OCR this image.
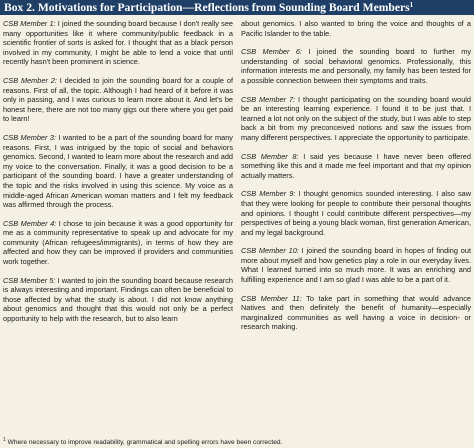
Box 2. Motivations for Participation—Reflections from Sounding Board Members$^1$

CSB Member 1: I joined the sounding board because I don't really see many opportunities like it where community/public feedback in a scientific frontier of sorts is asked for. I thought that as a black person involved in my community, I might be able to lend a voice that until recently hasn't been prominent in science.

CSB Member 2: I decided to join the sounding board for a couple of reasons. First of all, the topic. Although I had heard of it before it was only in passing, and I was curious to learn more about it. And let's be honest here, there are not too many gigs out there where you get paid to learn!

CSB Member 3: I wanted to be a part of the sounding board for many reasons. First, I was intrigued by the topic of social and behaviors genomics. Second, I wanted to learn more about the research and add my voice to the conversation. Finally, it was a good decision to be a participant of the sounding board. I have a greater understanding of the topic and the risks involved in using this science. My voice as a middle-aged African American woman matters and I felt my feedback was affirmed through the process.

CSB Member 4: I chose to join because it was a good opportunity for me as a community representative to speak up and advocate for my community (African refugees/immigrants), in terms of how they are affected and how they can be improved if providers and communities work together.

CSB Member 5: I wanted to join the sounding board because research is always interesting and important. Findings can often be beneficial to those affected by what the study is about. I did not know anything about genomics and thought that this would not only be a perfect opportunity to help with the research, but to also learn

about genomics. I also wanted to bring the voice and thoughts of a Pacific Islander to the table.

CSB Member 6: I joined the sounding board to further my understanding of social behavioral genomics. Professionally, this information interests me and personally, my family has been tested for a possible connection between their symptoms and traits.

CSB Member 7: I thought participating on the sounding board would be an interesting learning experience. I found it to be just that. I learned a lot not only on the subject of the study, but I was able to step back a bit from my preconceived notions and saw the issues from many different perspectives. I appreciate the opportunity to participate.

CSB Member 8: I said yes because I have never been offered something like this and it made me feel important and that my opinion actually matters.

CSB Member 9: I thought genomics sounded interesting. I also saw that they were looking for people to contribute their personal thoughts and opinions. I thought I could contribute different perspectives—my perspectives of being a young black woman, first generation American, and my legal background.

CSB Member 10: I joined the sounding board in hopes of finding out more about myself and how genetics play a role in our everyday lives. What I learned turned into so much more. It was an enriching and fulfilling experience and I am so glad I was able to be a part of it.

CSB Member 11: To take part in something that would advance Natives and then definitely the benefit of humanity—especially marginalized communities as well having a voice in decision- or research making.

$^1$ Where necessary to improve readability, grammatical and spelling errors have been corrected.
